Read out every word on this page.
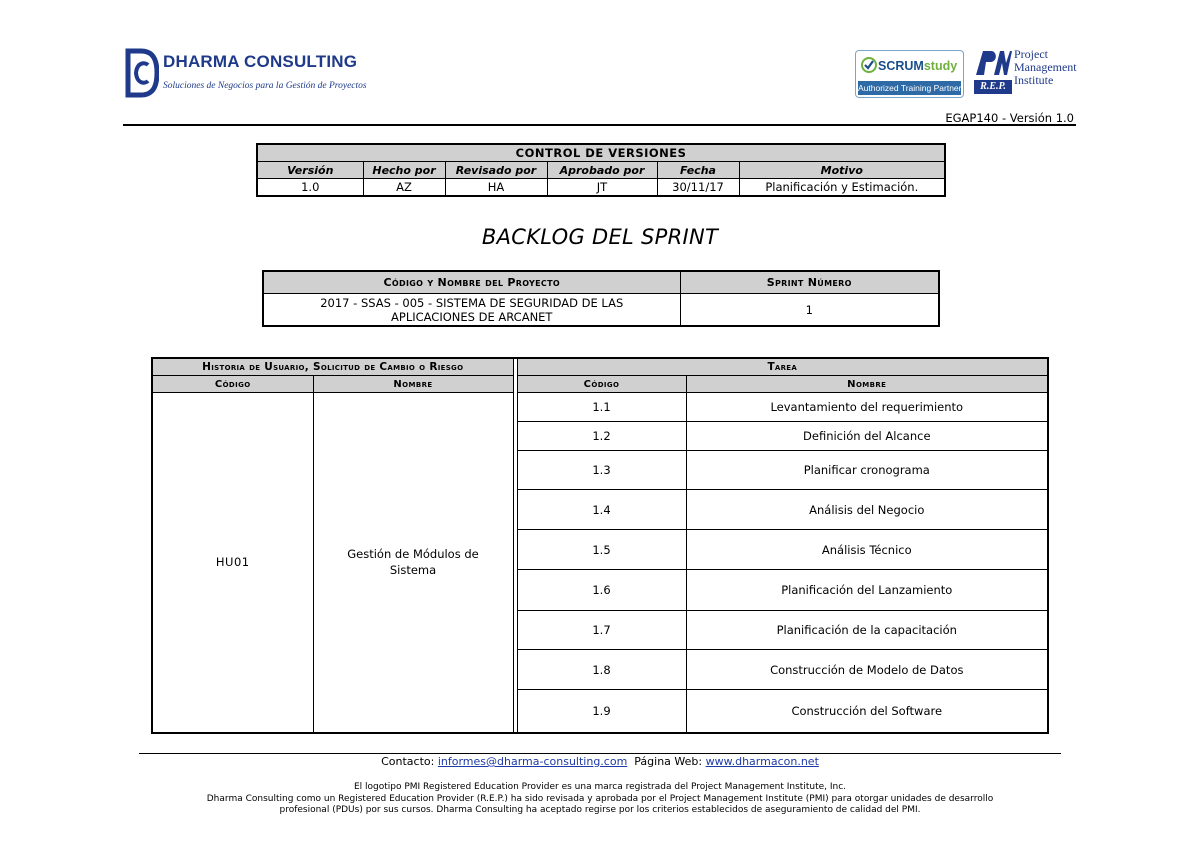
DHARMA CONSULTING
Soluciones de Negocios para la Gestión de Proyectos
SCRUMstudy
Authorized Training Partner
Project
Management
Institute
R.E.P.
EGAP140 - Versión 1.0
CONTROL DE VERSIONES					
Versión	Hecho por	Revisado por	Aprobado por	Fecha	Motivo
1.0	AZ	HA	JT	30/11/17	Planificación y Estimación.
BACKLOG DEL SPRINT
Código y Nombre del Proyecto	Sprint Número

2017 - SSAS - 005 - SISTEMA DE SEGURIDAD DE LAS
APLICACIONES DE ARCANET	1
Historia de Usuario, Solicitud de Cambio o Riesgo			Tarea	
Código	Nombre		Código	Nombre
HU01	Gestión de Módulos de
Sistema		1.1	Levantamiento del requerimiento
			1.2	Definición del Alcance
			1.3	Planificar cronograma
			1.4	Análisis del Negocio
			1.5	Análisis Técnico
			1.6	Planificación del Lanzamiento
			1.7	Planificación de la capacitación
			1.8	Construcción de Modelo de Datos
			1.9	Construcción del Software
Contacto: informes@dharma-consulting.com Página Web: www.dharmacon.net
El logotipo PMI Registered Education Provider es una marca registrada del Project Management Institute, Inc.
Dharma Consulting como un Registered Education Provider (R.E.P.) ha sido revisada y aprobada por el Project Management Institute (PMI) para otorgar unidades de desarrollo
profesional (PDUs) por sus cursos. Dharma Consulting ha aceptado regirse por los criterios establecidos de aseguramiento de calidad del PMI.
